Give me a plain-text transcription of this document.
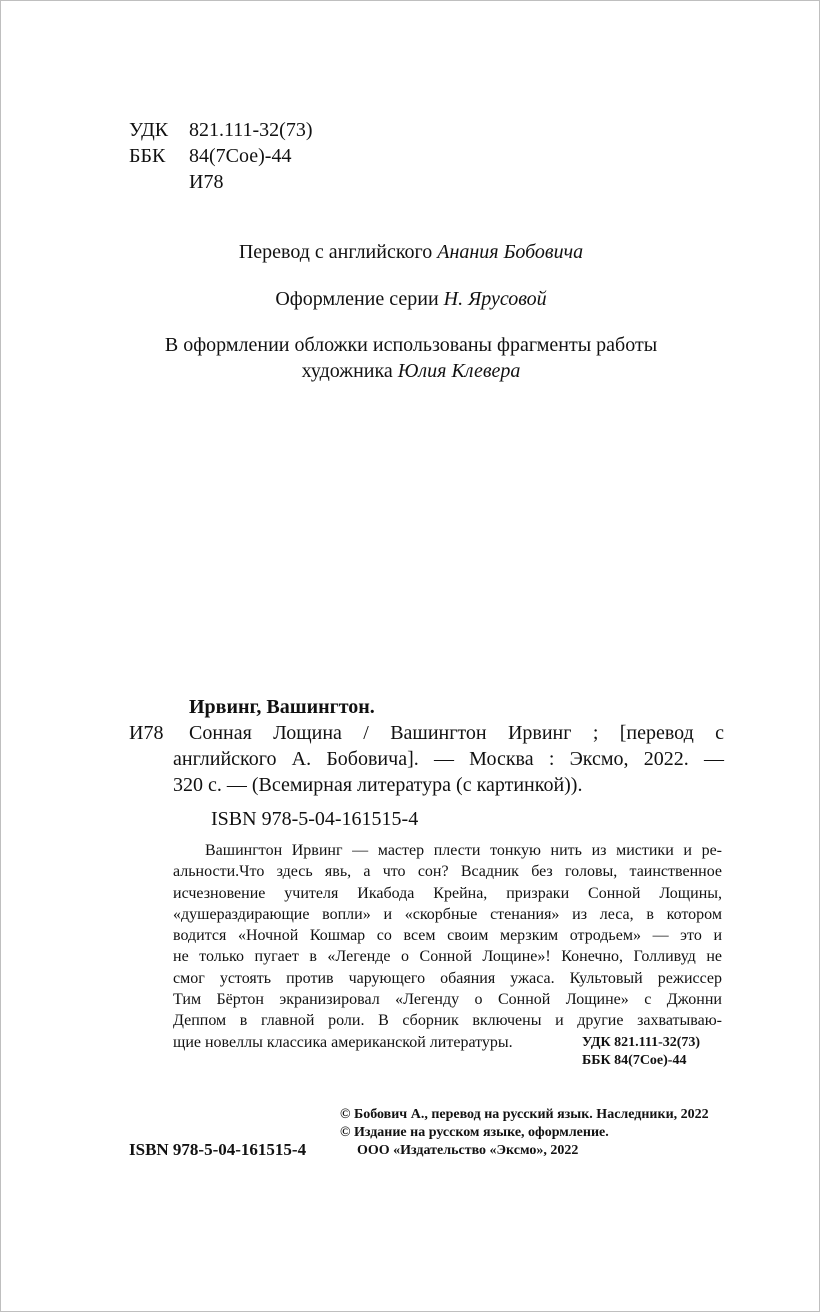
УДК 821.111-32(73)
ББК 84(7Сое)-44
И78
Перевод с английского Анания Бобовича
Оформление серии Н. Ярусовой
В оформлении обложки использованы фрагменты работы
художника Юлия Клевера
Ирвинг, Вашингтон.
И78 Сонная Лощина / Вашингтон Ирвинг ; [перевод с
английского А. Бобовича]. — Москва : Эксмо, 2022. —
320 с. — (Всемирная литература (с картинкой)).
ISBN 978-5-04-161515-4
Вашингтон Ирвинг — мастер плести тонкую нить из мистики и ре-
альности.Что здесь явь, а что сон? Всадник без головы, таинственное
исчезновение учителя Икабода Крейна, призраки Сонной Лощины,
«душераздирающие вопли» и «скорбные стенания» из леса, в котором
водится «Ночной Кошмар со всем своим мерзким отродьем» — это и
не только пугает в «Легенде о Сонной Лощине»! Конечно, Голливуд не
смог устоять против чарующего обаяния ужаса. Культовый режиссер
Тим Бёртон экранизировал «Легенду о Сонной Лощине» с Джонни
Деппом в главной роли. В сборник включены и другие захватываю-
щие новеллы классика американской литературы.	УДК 821.111-32(73)
ББК 84(7Сое)-44
© Бобович А., перевод на русский язык. Наследники, 2022
© Издание на русском языке, оформление.
ООО «Издательство «Эксмо», 2022
ISBN 978-5-04-161515-4
